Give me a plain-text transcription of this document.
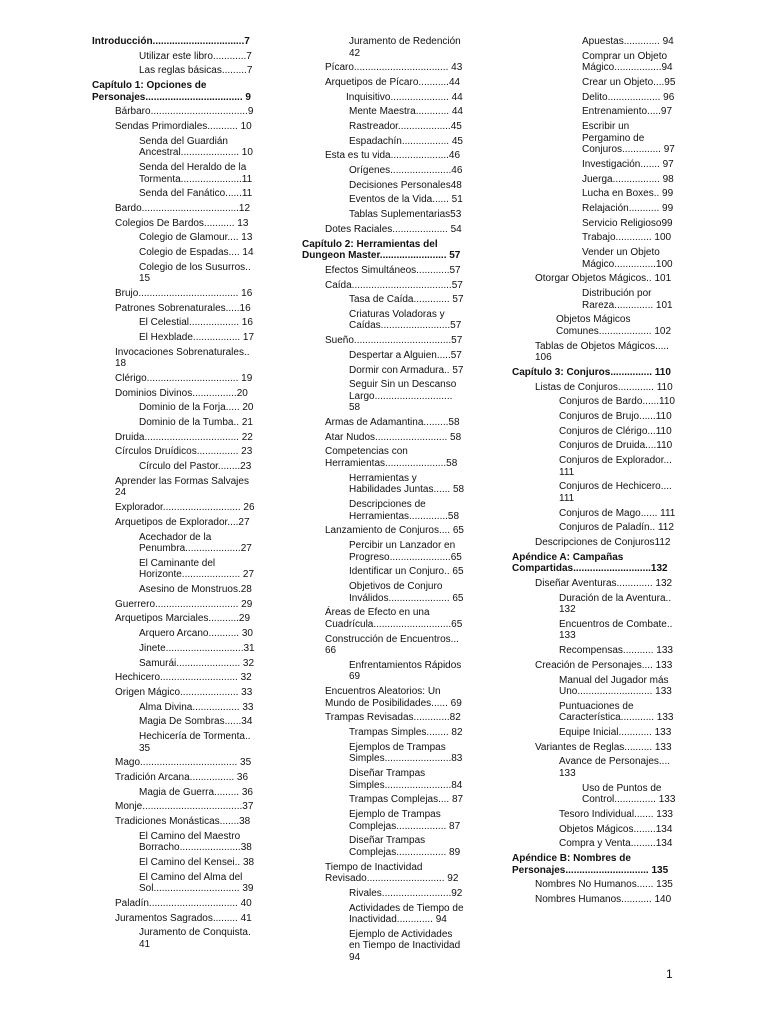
Introducción.................................7
Utilizar este libro............7
Las reglas básicas.........7
Capítulo 1: Opciones de Personajes................................... 9
Bárbaro...................................9
Sendas Primordiales........... 10
Senda del Guardián Ancestral..................... 10
Senda del Heraldo de la Tormenta......................11
Senda del Fanático......11
Bardo...................................12
Colegios De Bardos........... 13
Colegio de Glamour.... 13
Colegio de Espadas.... 14
Colegio de los Susurros.. 15
Brujo.................................... 16
Patrones Sobrenaturales.....16
El Celestial.................. 16
El Hexblade................. 17
Invocaciones Sobrenaturales.. 18
Clérigo................................. 19
Dominios Divinos................20
Dominio de la Forja..... 20
Dominio de la Tumba.. 21
Druida.................................. 22
Círculos Druídicos............... 23
Círculo del Pastor........23
Aprender las Formas Salvajes 24
Explorador............................ 26
Arquetipos de Explorador....27
Acechador de la Penumbra....................27
El Caminante del Horizonte..................... 27
Asesino de Monstruos.28
Guerrero.............................. 29
Arquetipos Marciales...........29
Arquero Arcano........... 30
Jinete............................31
Samurái....................... 32
Hechicero............................ 32
Origen Mágico..................... 33
Alma Divina................. 33
Magia De Sombras......34
Hechicería de Tormenta.. 35
Mago................................... 35
Tradición Arcana................ 36
Magia de Guerra......... 36
Monje....................................37
Tradiciones Monásticas.......38
El Camino del Maestro Borracho......................38
El Camino del Kensei.. 38
El Camino del Alma del Sol............................... 39
Paladín................................ 40
Juramentos Sagrados......... 41
Juramento de Conquista. 41
Juramento de Redención 42
Pícaro.................................. 43
Arquetipos de Pícaro...........44
Inquisitivo..................... 44
Mente Maestra............ 44
Rastreador...................45
Espadachín................. 45
Esta es tu vida.....................46
Orígenes......................46
Decisiones Personales48
Eventos de la Vida...... 51
Tablas Suplementarias53
Dotes Raciales.................... 54
Capítulo 2: Herramientas del Dungeon Master........................ 57
Efectos Simultáneos............57
Caída....................................57
Tasa de Caída............. 57
Criaturas Voladoras y Caídas.........................57
Sueño...................................57
Despertar a Alguien.....57
Dormir con Armadura.. 57
Seguir Sin un Descanso Largo............................ 58
Armas de Adamantina.........58
Atar Nudos.......................... 58
Competencias con Herramientas......................58
Herramientas y Habilidades Juntas...... 58
Descripciones de Herramientas..............58
Lanzamiento de Conjuros.... 65
Percibir un Lanzador en Progreso......................65
Identificar un Conjuro.. 65
Objetivos de Conjuro Inválidos...................... 65
Áreas de Efecto en una Cuadrícula............................65
Construcción de Encuentros... 66
Enfrentamientos Rápidos 69
Encuentros Aleatorios: Un Mundo de Posibilidades...... 69
Trampas Revisadas.............82
Trampas Simples........ 82
Ejemplos de Trampas Simples........................83
Diseñar Trampas Simples........................84
Trampas Complejas.... 87
Ejemplo de Trampas Complejas.................. 87
Diseñar Trampas Complejas.................. 89
Tiempo de Inactividad Revisado............................ 92
Rivales.........................92
Actividades de Tiempo de Inactividad............. 94
Ejemplo de Actividades en Tiempo de Inactividad 94
Apuestas............. 94
Comprar un Objeto Mágico.................94
Crear un Objeto....95
Delito................... 96
Entrenamiento.....97
Escribir un Pergamino de Conjuros.............. 97
Investigación....... 97
Juerga................. 98
Lucha en Boxes.. 99
Relajación........... 99
Servicio Religioso99
Trabajo............. 100
Vender un Objeto Mágico...............100
Otorgar Objetos Mágicos.. 101
Distribución por Rareza.............. 101
Objetos Mágicos Comunes................... 102
Tablas de Objetos Mágicos..... 106
Capítulo 3: Conjuros............... 110
Listas de Conjuros............. 110
Conjuros de Bardo......110
Conjuros de Brujo......110
Conjuros de Clérigo...110
Conjuros de Druida....110
Conjuros de Explorador... 111
Conjuros de Hechicero.... 111
Conjuros de Mago...... 111
Conjuros de Paladín.. 112
Descripciones de Conjuros112
Apéndice A: Campañas Compartidas............................132
Diseñar Aventuras............. 132
Duración de la Aventura.. 132
Encuentros de Combate.. 133
Recompensas........... 133
Creación de Personajes.... 133
Manual del Jugador más Uno........................... 133
Puntuaciones de Característica............ 133
Equipe Inicial............ 133
Variantes de Reglas.......... 133
Avance de Personajes.... 133
Uso de Puntos de Control............... 133
Tesoro Individual....... 133
Objetos Mágicos........134
Compra y Venta.........134
Apéndice B: Nombres de Personajes.............................. 135
Nombres No Humanos...... 135
Nombres Humanos........... 140
1
